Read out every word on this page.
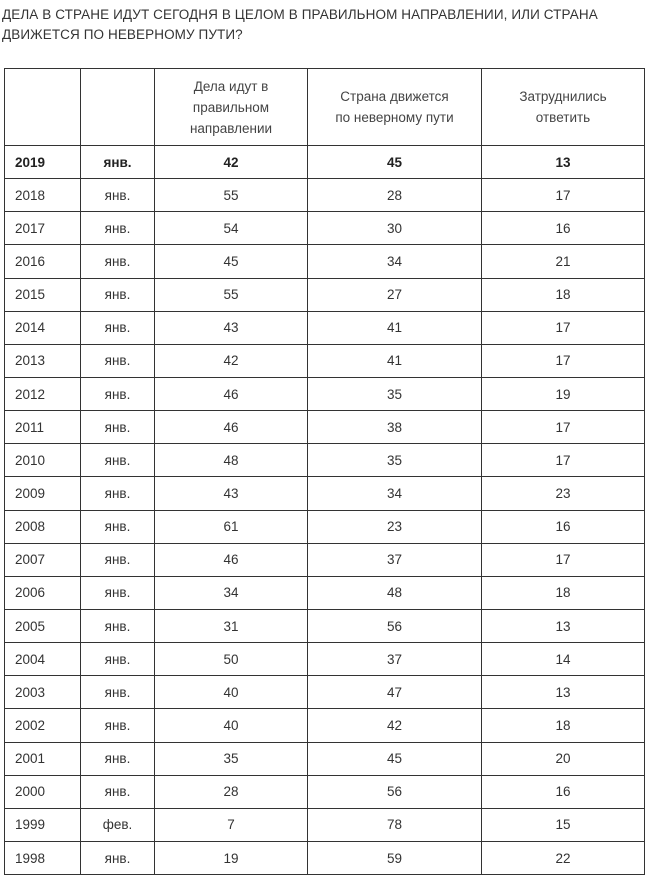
ДЕЛА В СТРАНЕ ИДУТ СЕГОДНЯ В ЦЕЛОМ В ПРАВИЛЬНОМ НАПРАВЛЕНИИ, ИЛИ СТРАНА ДВИЖЕТСЯ ПО НЕВЕРНОМУ ПУТИ?

		Дела идут в правильном направлении	Страна движется по неверному пути	Затруднились ответить

2019	янв.	42	45	13
2018	янв.	55	28	17
2017	янв.	54	30	16
2016	янв.	45	34	21
2015	янв.	55	27	18
2014	янв.	43	41	17
2013	янв.	42	41	17
2012	янв.	46	35	19
2011	янв.	46	38	17
2010	янв.	48	35	17
2009	янв.	43	34	23
2008	янв.	61	23	16
2007	янв.	46	37	17
2006	янв.	34	48	18
2005	янв.	31	56	13
2004	янв.	50	37	14
2003	янв.	40	47	13
2002	янв.	40	42	18
2001	янв.	35	45	20
2000	янв.	28	56	16
1999	фев.	7	78	15
1998	янв.	19	59	22
